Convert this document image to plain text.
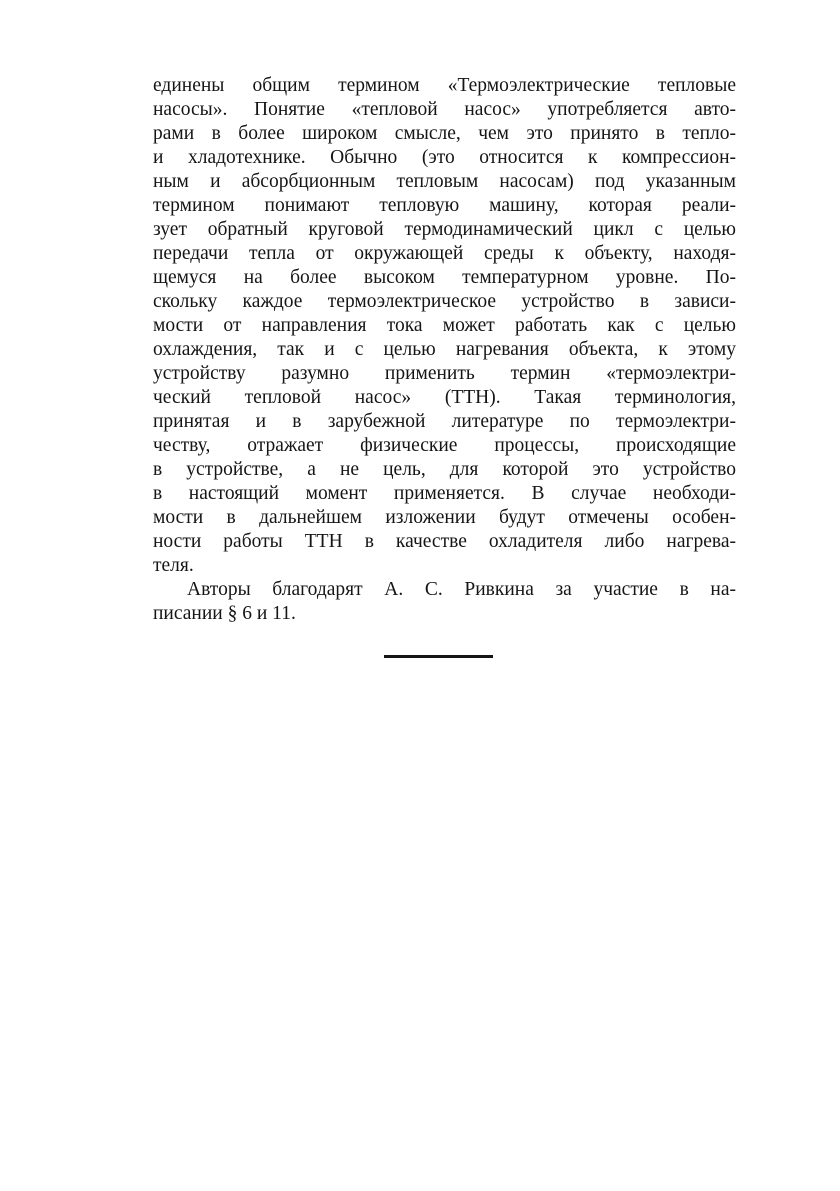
единены общим термином «Термоэлектрические тепловые
насосы». Понятие «тепловой насос» употребляется авто-
рами в более широком смысле, чем это принято в тепло-
и хладотехнике. Обычно (это относится к компрессион-
ным и абсорбционным тепловым насосам) под указанным
термином понимают тепловую машину, которая реали-
зует обратный круговой термодинамический цикл с целью
передачи тепла от окружающей среды к объекту, находя-
щемуся на более высоком температурном уровне. По-
скольку каждое термоэлектрическое устройство в зависи-
мости от направления тока может работать как с целью
охлаждения, так и с целью нагревания объекта, к этому
устройству разумно применить термин «термоэлектри-
ческий тепловой насос» (ТТН). Такая терминология,
принятая и в зарубежной литературе по термоэлектри-
честву, отражает физические процессы, происходящие
в устройстве, а не цель, для которой это устройство
в настоящий момент применяется. В случае необходи-
мости в дальнейшем изложении будут отмечены особен-
ности работы ТТН в качестве охладителя либо нагрева-
теля.
Авторы благодарят А. С. Ривкина за участие в на-
писании § 6 и 11.
